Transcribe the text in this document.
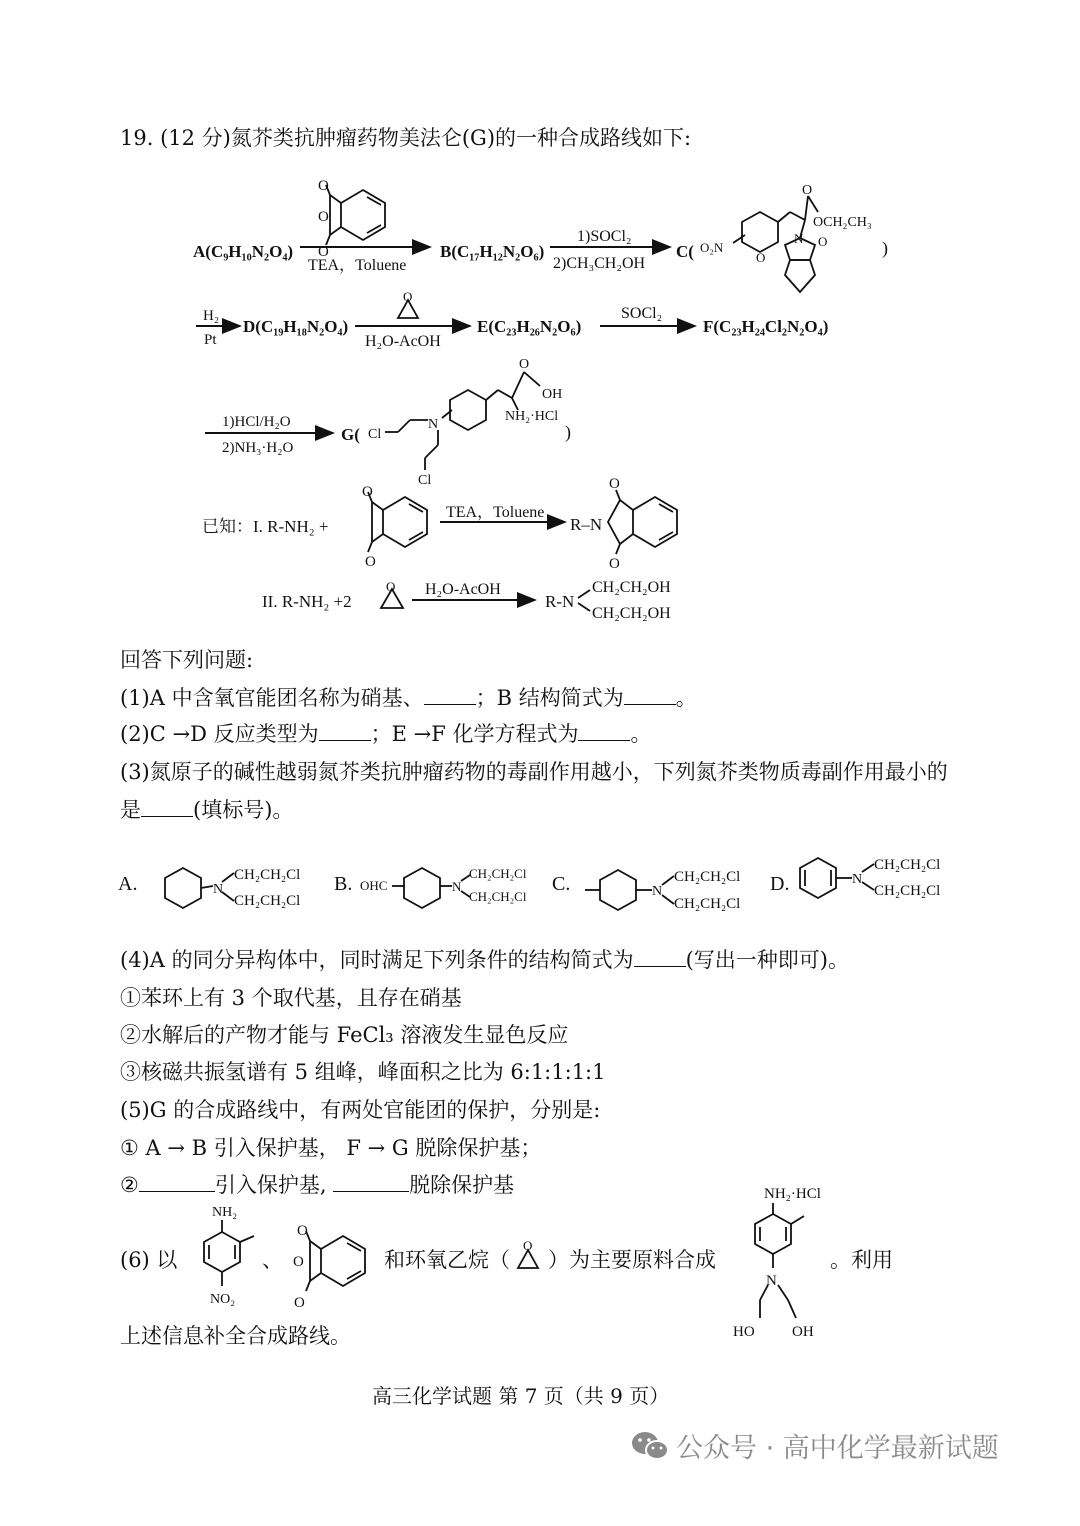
19. (12 分)氮芥类抗肿瘤药物美法仑(G)的一种合成路线如下:
A(C₉H₁₀N₂O₄)
O
O
O
TEA，Toluene
B(C₁₇H₁₂N₂O₆)
1)SOCl₂
2)CH₃CH₂OH
C(
O
OCH₂CH₃
O₂N
N O
O	)
H₂
Pt
D(C₁₉H₁₈N₂O₄)
O
H₂O-AcOH
E(C₂₃H₂₆N₂O₆)
SOCl₂
F(C₂₃H₂₄Cl₂N₂O₄)
1)HCl/H₂O
2)NH₃·H₂O
G( Cl
N
Cl
O
OH
NH₂·HCl
)
已知：I. R-NH₂ +
O
O
TEA，Toluene
R–N
O
O
II. R-NH₂ +2
O H₂O-AcOH
R-N
CH₂CH₂OH
CH₂CH₂OH
回答下列问题:
(1)A 中含氧官能团名称为硝基、 ；B 结构简式为 。
(2)C →D 反应类型为 ；E →F 化学方程式为 。
(3)氮原子的碱性越弱氮芥类抗肿瘤药物的毒副作用越小，下列氮芥类物质毒副作用最小的
是 (填标号)。
A.	N
CH₂CH₂Cl
CH₂CH₂Cl
B. OHC	N
CH₂CH₂Cl
CH₂CH₂Cl
C.	N
CH₂CH₂Cl
CH₂CH₂Cl
D.	N
CH₂CH₂Cl
CH₂CH₂Cl
(4)A 的同分异构体中，同时满足下列条件的结构简式为 (写出一种即可)。
①苯环上有 3 个取代基，且存在硝基
②水解后的产物才能与 FeCl₃ 溶液发生显色反应
③核磁共振氢谱有 5 组峰，峰面积之比为 6:1:1:1:1
(5)G 的合成路线中，有两处官能团的保护，分别是:
① A → B 引入保护基， F → G 脱除保护基；
②	引入保护基,	脱除保护基
(6) 以	、	和环氧乙烷（ ）为主要原料合成	。利用
上述信息补全合成路线。
NH₂
NO₂
O
O
O
O
NH₂·HCl
N
HO OH
高三化学试题 第 7 页（共 9 页）
公众号 · 高中化学最新试题
